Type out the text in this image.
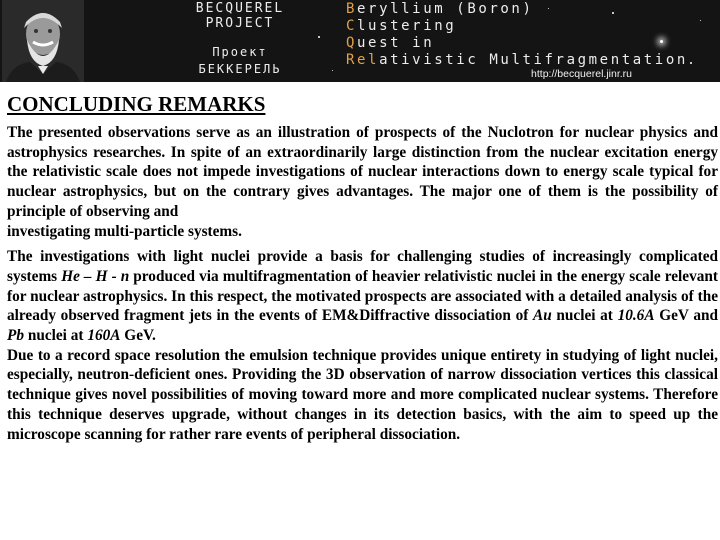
BECQUEREL
PROJECT
Проект
БЕККЕРЕЛЬ
Beryllium (Boron)
Clustering
Quest in
Relativistic Multifragmentation
http://becquerel.jinr.ru
CONCLUDING REMARKS

The presented observations serve as an illustration of prospects of the Nuclotron for nuclear physics and astrophysics researches. In spite of an extraordinarily large distinction from the nuclear excitation energy the relativistic scale does not impede investigations of nuclear interactions down to energy scale typical for nuclear astrophysics, but on the contrary gives advantages. The major one of them is the possibility of principle of observing and
investigating multi-particle systems.

The investigations with light nuclei provide a basis for challenging studies of increasingly complicated systems He – H - n produced via multifragmentation of heavier relativistic nuclei in the energy scale relevant for nuclear astrophysics. In this respect, the motivated prospects are associated with a detailed analysis of the already observed fragment jets in the events of EM&Diffractive dissociation of Au nuclei at 10.6A GeV and Pb nuclei at 160A GeV.

Due to a record space resolution the emulsion technique provides unique entirety in studying of light nuclei, especially, neutron-deficient ones. Providing the 3D observation of narrow dissociation vertices this classical technique gives novel possibilities of moving toward more and more complicated nuclear systems. Therefore this technique deserves upgrade, without changes in its detection basics, with the aim to speed up the microscope scanning for rather rare events of peripheral dissociation.
